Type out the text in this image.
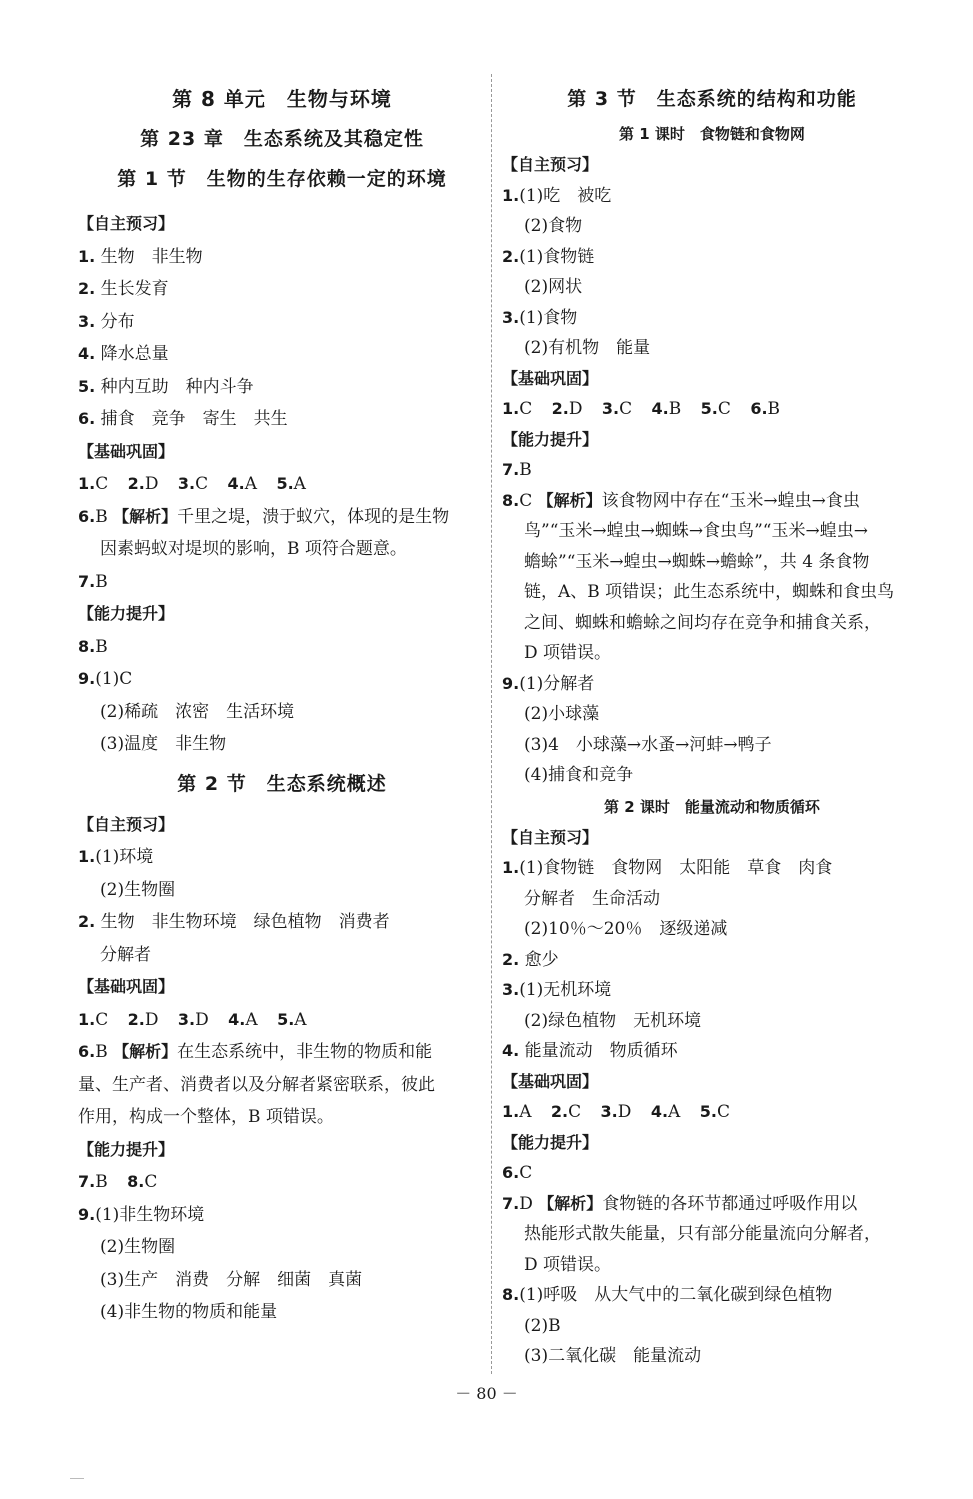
第 8 单元　生物与环境
第 23 章　生态系统及其稳定性
第 1 节　生物的生存依赖一定的环境
【自主预习】
1. 生物　非生物
2. 生长发育
3. 分布
4. 降水总量
5. 种内互助　种内斗争
6. 捕食　竞争　寄生　共生
【基础巩固】
1.C 2.D 3.C 4.A 5.A
6.B 【解析】千里之堤，溃于蚁穴，体现的是生物
因素蚂蚁对堤坝的影响，B 项符合题意。
7.B
【能力提升】
8.B
9.(1)C
(2)稀疏　浓密　生活环境
(3)温度　非生物
第 2 节　生态系统概述
【自主预习】
1.(1)环境
(2)生物圈
2. 生物　非生物环境　绿色植物　消费者
分解者
【基础巩固】
1.C 2.D 3.D 4.A 5.A
6.B 【解析】在生态系统中，非生物的物质和能
量、生产者、消费者以及分解者紧密联系，彼此
作用，构成一个整体，B 项错误。
【能力提升】
7.B 8.C
9.(1)非生物环境
(2)生物圈
(3)生产　消费　分解　细菌　真菌
(4)非生物的物质和能量
第 3 节　生态系统的结构和功能
第 1 课时　食物链和食物网
【自主预习】
1.(1)吃　被吃
(2)食物
2.(1)食物链
(2)网状
3.(1)食物
(2)有机物　能量
【基础巩固】
1.C 2.D 3.C 4.B 5.C 6.B
【能力提升】
7.B
8.C 【解析】该食物网中存在“玉米→蝗虫→食虫
鸟”“玉米→蝗虫→蜘蛛→食虫鸟”“玉米→蝗虫→
蟾蜍”“玉米→蝗虫→蜘蛛→蟾蜍”，共 4 条食物
链，A、B 项错误；此生态系统中，蜘蛛和食虫鸟
之间、蜘蛛和蟾蜍之间均存在竞争和捕食关系，
D 项错误。
9.(1)分解者
(2)小球藻
(3)4　小球藻→水蚤→河蚌→鸭子
(4)捕食和竞争
第 2 课时　能量流动和物质循环
【自主预习】
1.(1)食物链　食物网　太阳能　草食　肉食
分解者　生命活动
(2)10％～20％　逐级递减
2. 愈少
3.(1)无机环境
(2)绿色植物　无机环境
4. 能量流动　物质循环
【基础巩固】
1.A 2.C 3.D 4.A 5.C
【能力提升】
6.C
7.D 【解析】食物链的各环节都通过呼吸作用以
热能形式散失能量，只有部分能量流向分解者，
D 项错误。
8.(1)呼吸　从大气中的二氧化碳到绿色植物
(2)B
(3)二氧化碳　能量流动
－ 80 －
